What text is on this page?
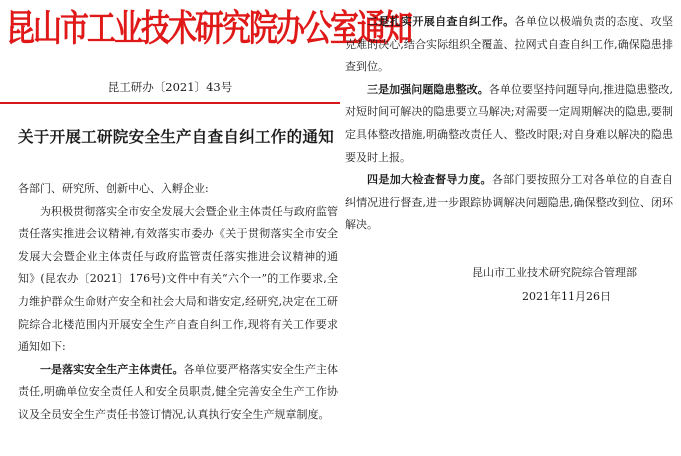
昆山市工业技术研究院办公室通知
昆工研办〔2021〕43号
关于开展工研院安全生产自查自纠工作的通知

各部门、研究所、创新中心、入孵企业:

为积极贯彻落实全市安全发展大会暨企业主体责任与政府监管责任落实推进会议精神,有效落实市委办《关于贯彻落实全市安全发展大会暨企业主体责任与政府监管责任落实推进会议精神的通知》(昆农办〔2021〕176号)文件中有关“六个一”的工作要求,全力维护群众生命财产安全和社会大局和谐安定,经研究,决定在工研院综合北楼范围内开展安全生产自查自纠工作,现将有关工作要求通知如下:

一是落实安全生产主体责任。各单位要严格落实安全生产主体责任,明确单位安全责任人和安全员职责,健全完善安全生产工作协议及全员安全生产责任书签订情况,认真执行安全生产规章制度。

二是扎实开展自查自纠工作。各单位以极端负责的态度、攻坚克难的决心,结合实际组织全覆盖、拉网式自查自纠工作,确保隐患排查到位。

三是加强问题隐患整改。各单位要坚持问题导向,推进隐患整改,对短时间可解决的隐患要立马解决;对需要一定周期解决的隐患,要制定具体整改措施,明确整改责任人、整改时限;对自身难以解决的隐患要及时上报。

四是加大检查督导力度。各部门要按照分工对各单位的自查自纠情况进行督查,进一步跟踪协调解决问题隐患,确保整改到位、闭环解决。

昆山市工业技术研究院综合管理部
2021年11月26日
